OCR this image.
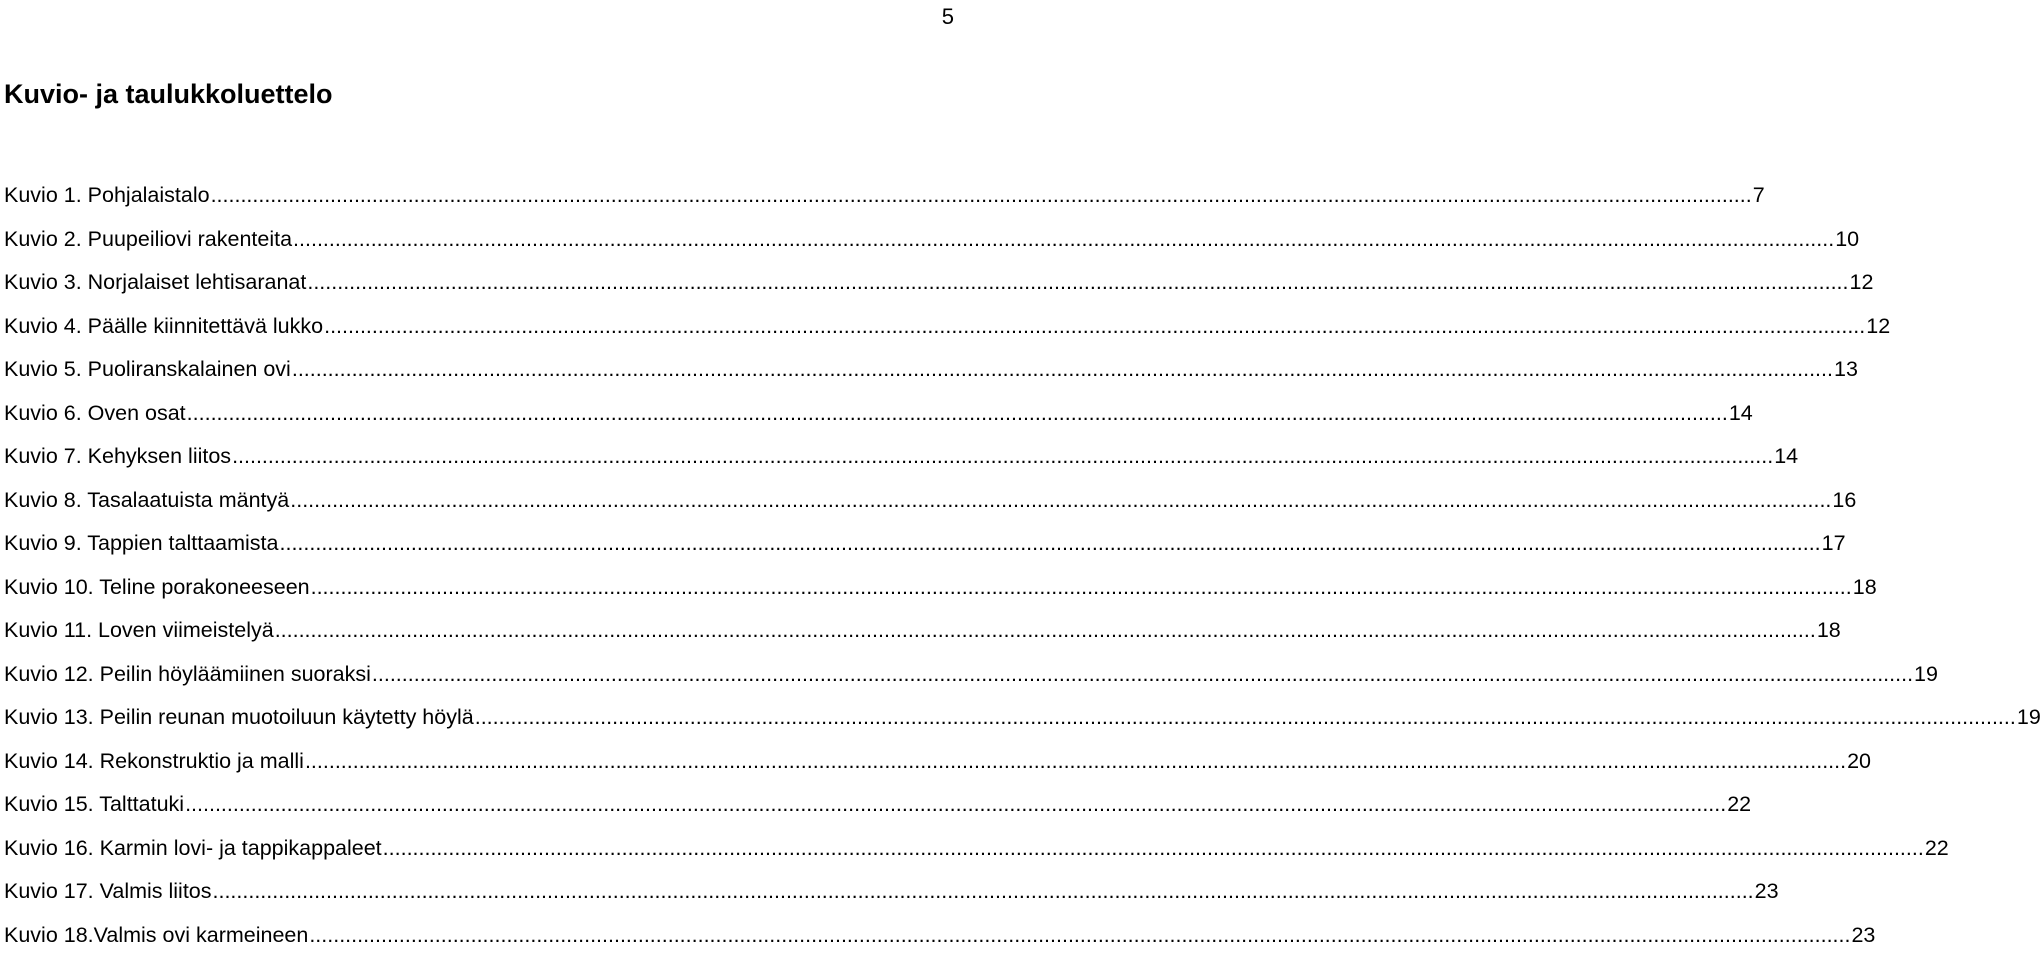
5
Kuvio- ja taulukkoluettelo
Kuvio 1. Pohjalaistalo .....	7
Kuvio 2. Puupeiliovi rakenteita .....	10
Kuvio 3. Norjalaiset lehtisaranat .....	12
Kuvio 4. Päälle kiinnitettävä lukko .....	12
Kuvio 5. Puoliranskalainen ovi .....	13
Kuvio 6. Oven osat .....	14
Kuvio 7. Kehyksen liitos .....	14
Kuvio 8. Tasalaatuista mäntyä .....	16
Kuvio 9. Tappien talttaamista .....	17
Kuvio 10. Teline porakoneeseen .....	18
Kuvio 11. Loven viimeistelyä .....	18
Kuvio 12. Peilin höyläämiinen suoraksi .....	19
Kuvio 13. Peilin reunan muotoiluun käytetty höylä .....	19
Kuvio 14. Rekonstruktio ja malli .....	20
Kuvio 15. Talttatuki .....	22
Kuvio 16. Karmin lovi- ja tappikappaleet .....	22
Kuvio 17. Valmis liitos .....	23
Kuvio 18.Valmis ovi karmeineen .....	23
